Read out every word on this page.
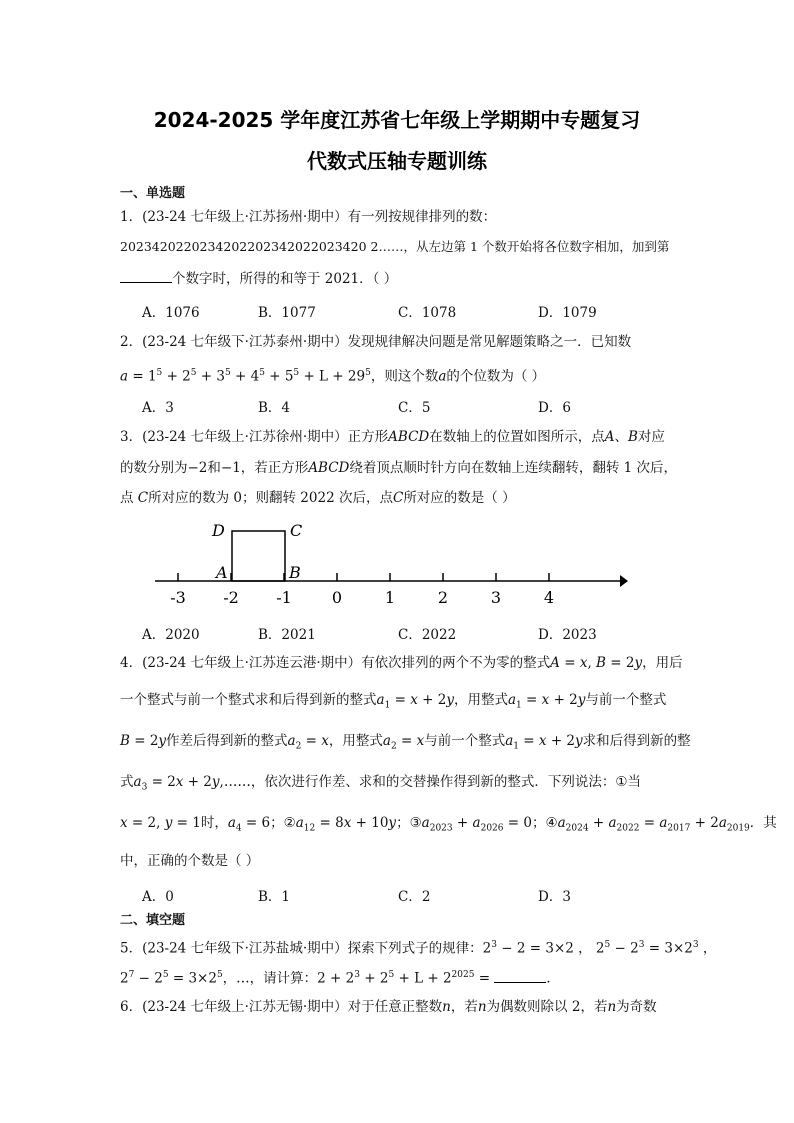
2024-2025 学年度江苏省七年级上学期期中专题复习
代数式压轴专题训练
一、单选题
1．(23-24 七年级上·江苏扬州·期中）有一列按规律排列的数：
2023420220234202202342022023420 2……，从左边第 1 个数开始将各位数字相加，加到第
个数字时，所得的和等于 2021．（ ）
A．1076	B．1077	C．1078	D．1079
2．(23-24 七年级下·江苏泰州·期中）发现规律解决问题是常见解题策略之一．已知数
$a = 1^5 + 2^5 + 3^5 + 4^5 + 5^5 + L + 29^5$，则这个数a的个位数为（ ）
A．3	B．4	C．5	D．6
3．(23-24 七年级上·江苏徐州·期中）正方形ABCD在数轴上的位置如图所示，点A、B对应
的数分别为−2和−1，若正方形ABCD绕着顶点顺时针方向在数轴上连续翻转，翻转 1 次后，
点 C所对应的数为 0；则翻转 2022 次后，点C所对应的数是（ ）
-3 -2 -1	0	1	2	3	4
D	C
A	B
A．2020	B．2021	C．2022	D．2023
4．(23-24 七年级上·江苏连云港·期中）有依次排列的两个不为零的整式A = x, B = 2y，用后
一个整式与前一个整式求和后得到新的整式$a_1 = x + 2y$，用整式$a_1 = x + 2y$与前一个整式
B = 2y作差后得到新的整式$a_2 = x$，用整式$a_2 = x$与前一个整式$a_1 = x + 2y$求和后得到新的整
式$a_3 = 2x$ + 2y,……，依次进行作差、求和的交替操作得到新的整式．下列说法：①当
x = 2, y = 1时，$a_4 = 6$；$②a_{12} = 8x + 10y$；$③a_{2023} + a_{2026} = 0$；$④a_{2024} + a_{2022} = a_{2017} + 2a_{2019}$．其
中，正确的个数是（ ）
A．0	B．1	C．2	D．3
二、填空题
5．(23-24 七年级下·江苏盐城·期中）探索下列式子的规律：$2^3 - 2 = 3\times 2$ ， $2^5 - 2^3 = 3\times 2^3$ ，
$2^7 - 2^5 = 3\times 2^5$，…，请计算：$2 + 2^3 + 2^5 + L + 2^{2025}$ =	．
6．(23-24 七年级上·江苏无锡·期中）对于任意正整数n，若n为偶数则除以 2，若n为奇数
